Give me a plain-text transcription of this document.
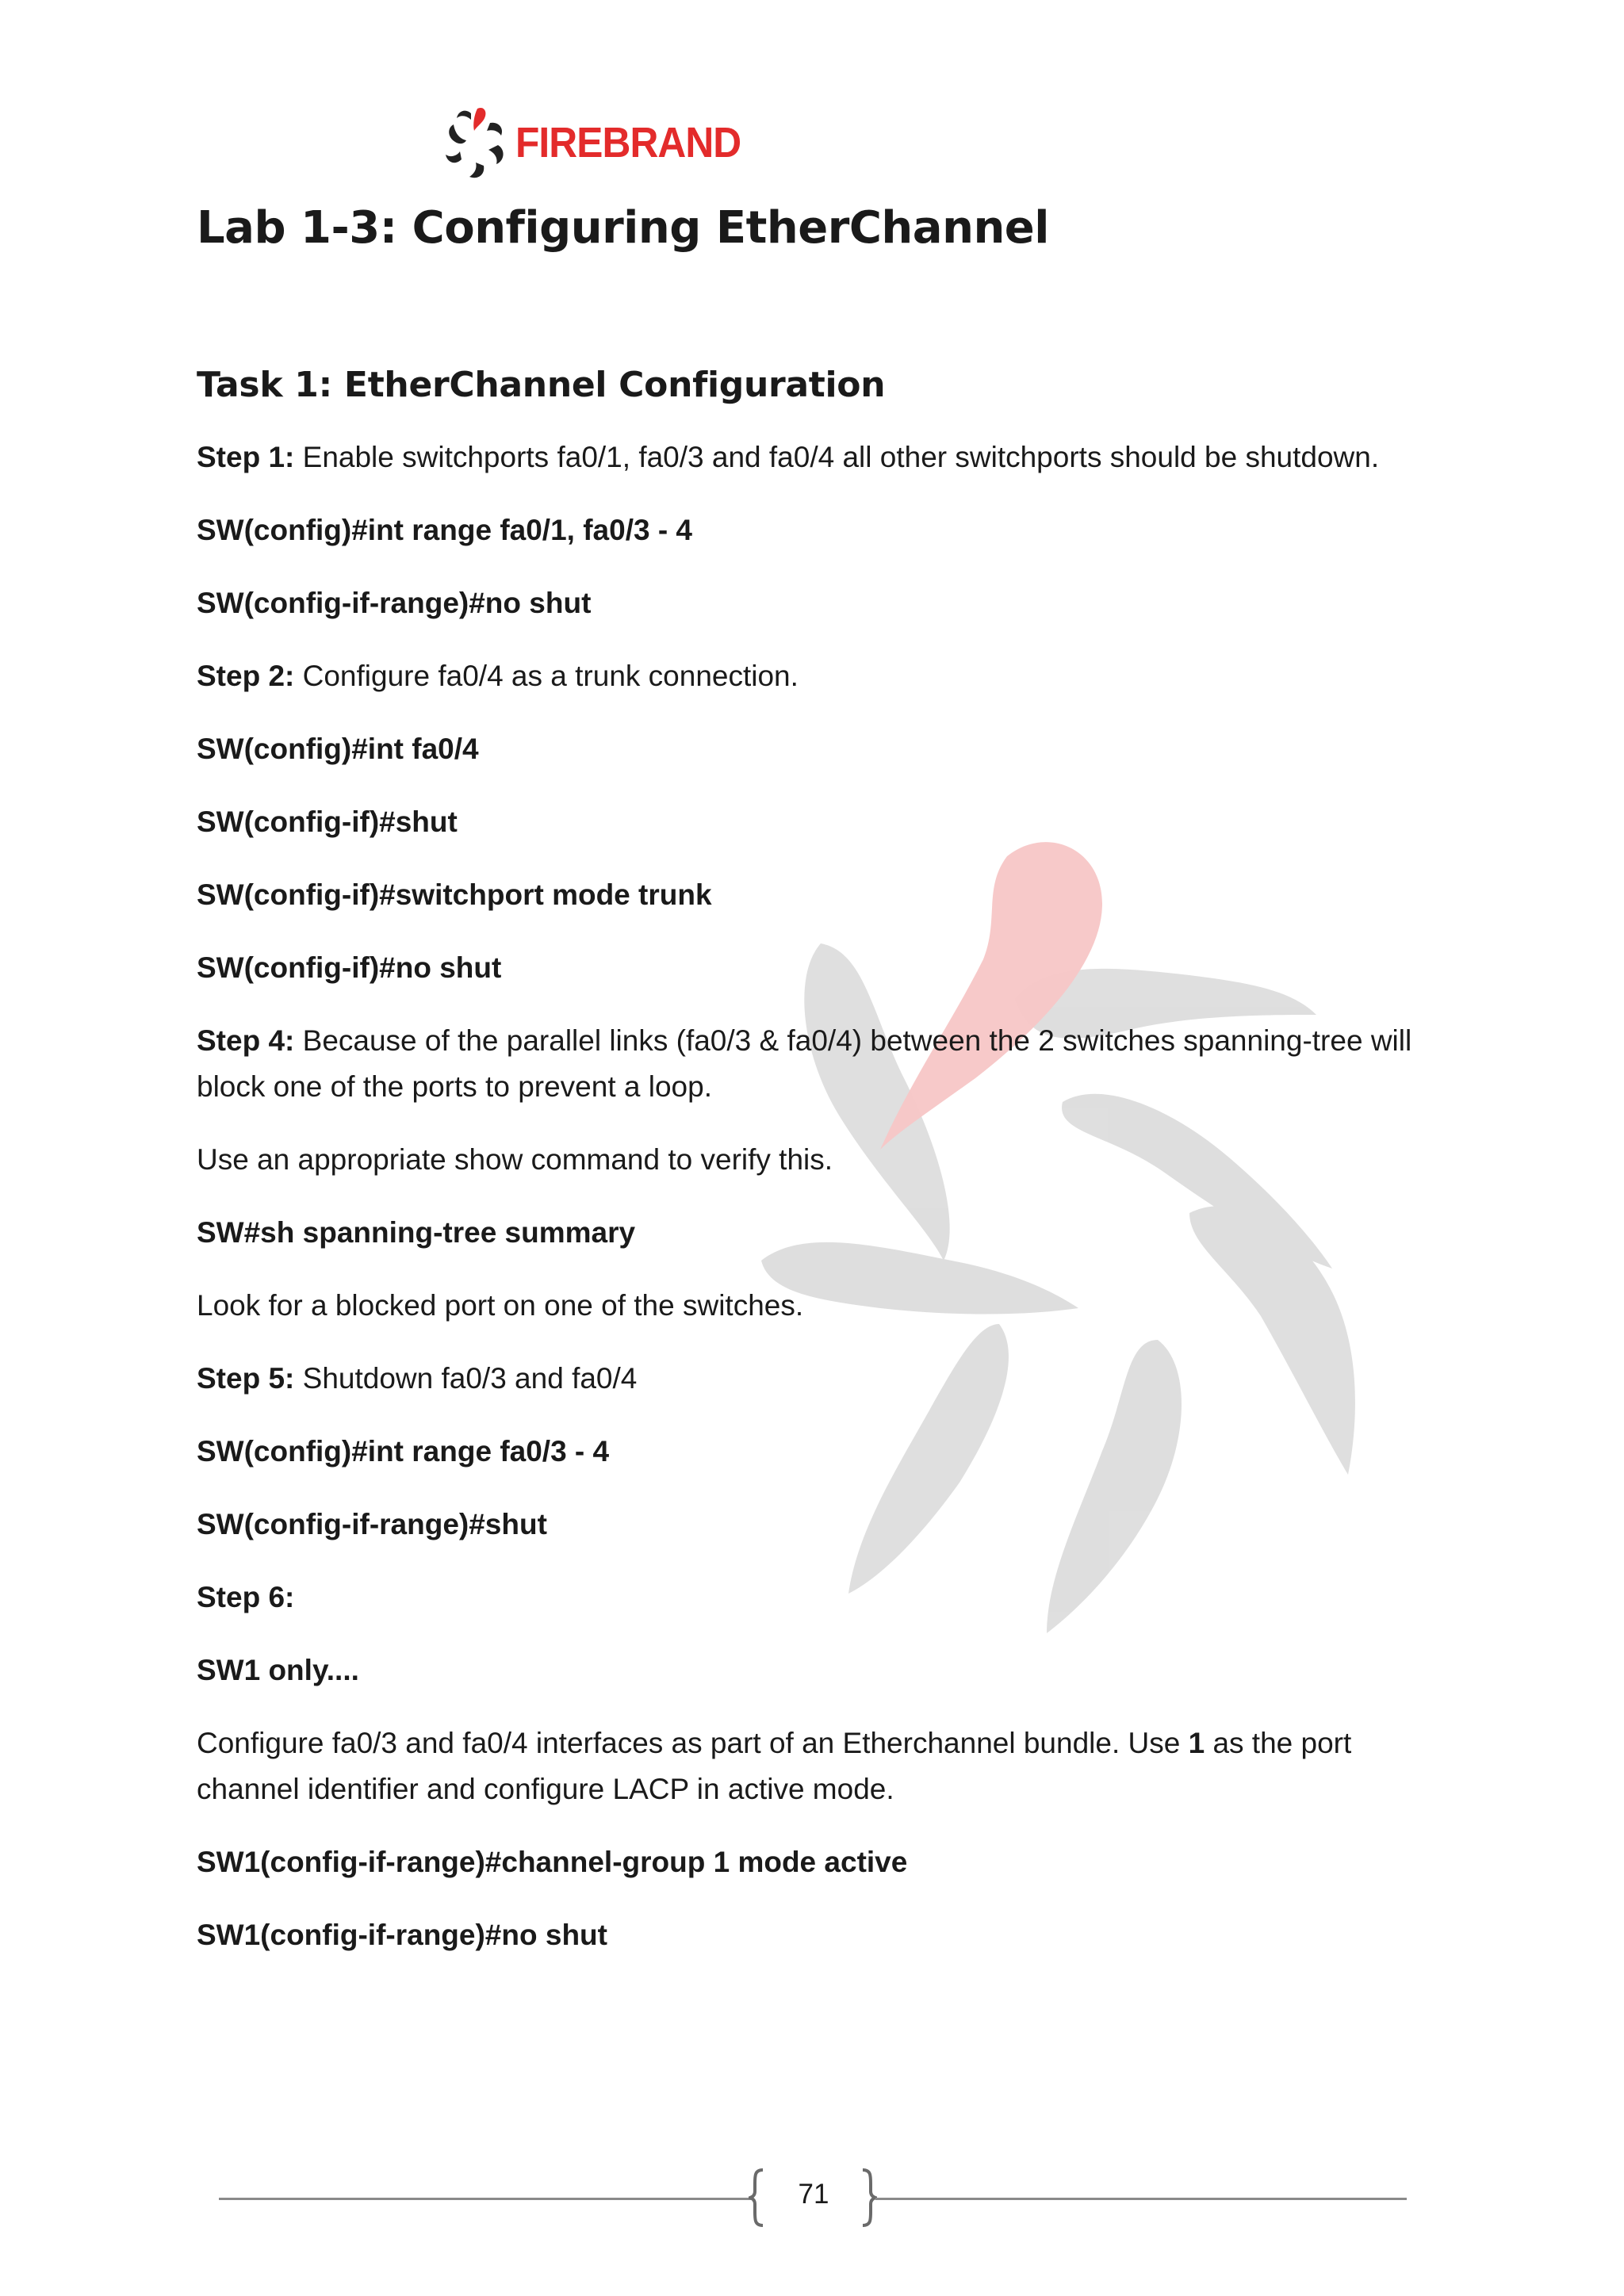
FIREBRAND
Lab 1-3: Configuring EtherChannel
Task 1: EtherChannel Configuration
Step 1: Enable switchports fa0/1, fa0/3 and fa0/4 all other switchports should be shutdown.
SW(config)#int range fa0/1, fa0/3 - 4
SW(config-if-range)#no shut
Step 2: Configure fa0/4 as a trunk connection.
SW(config)#int fa0/4
SW(config-if)#shut
SW(config-if)#switchport mode trunk
SW(config-if)#no shut
Step 4: Because of the parallel links (fa0/3 & fa0/4) between the 2 switches spanning-tree will block one of the ports to prevent a loop.
Use an appropriate show command to verify this.
SW#sh spanning-tree summary
Look for a blocked port on one of the switches.
Step 5: Shutdown fa0/3 and fa0/4
SW(config)#int range fa0/3 - 4
SW(config-if-range)#shut
Step 6:
SW1 only....
Configure fa0/3 and fa0/4 interfaces as part of an Etherchannel bundle. Use 1 as the port channel identifier and configure LACP in active mode.
SW1(config-if-range)#channel-group 1 mode active
SW1(config-if-range)#no shut
71
